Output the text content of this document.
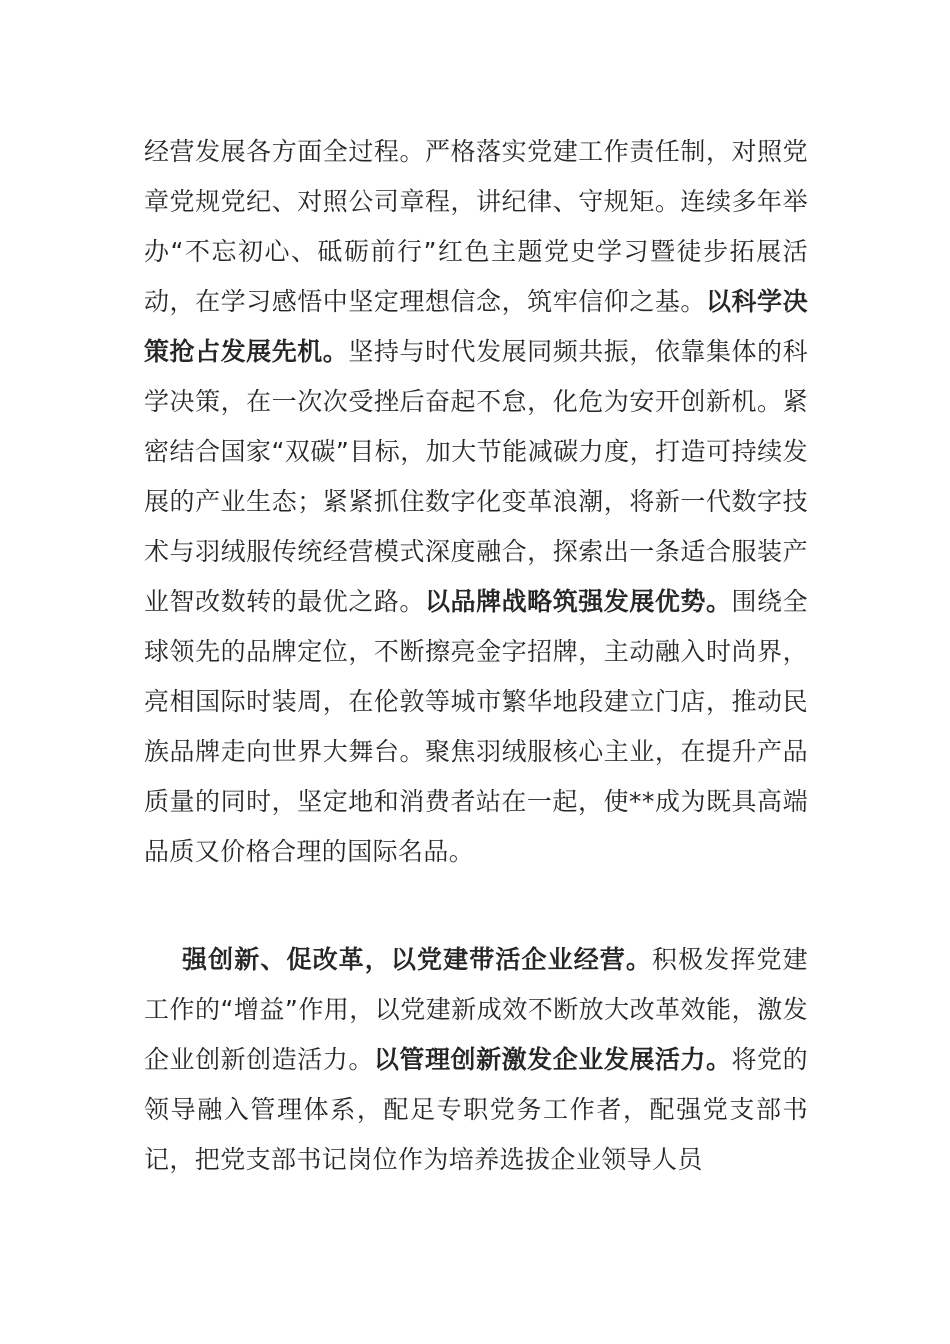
经营发展各方面全过程。严格落实党建工作责任制，对照党章党规党纪、对照公司章程，讲纪律、守规矩。连续多年举办“不忘初心、砥砺前行”红色主题党史学习暨徒步拓展活动，在学习感悟中坚定理想信念，筑牢信仰之基。以科学决策抢占发展先机。坚持与时代发展同频共振，依靠集体的科学决策，在一次次受挫后奋起不怠，化危为安开创新机。紧密结合国家“双碳”目标，加大节能减碳力度，打造可持续发展的产业生态；紧紧抓住数字化变革浪潮，将新一代数字技术与羽绒服传统经营模式深度融合，探索出一条适合服装产业智改数转的最优之路。以品牌战略筑强发展优势。围绕全球领先的品牌定位，不断擦亮金字招牌，主动融入时尚界，亮相国际时装周，在伦敦等城市繁华地段建立门店，推动民族品牌走向世界大舞台。聚焦羽绒服核心主业，在提升产品质量的同时，坚定地和消费者站在一起，使**成为既具高端品质又价格合理的国际名品。
强创新、促改革，以党建带活企业经营。积极发挥党建工作的“增益”作用，以党建新成效不断放大改革效能，激发企业创新创造活力。以管理创新激发企业发展活力。将党的领导融入管理体系，配足专职党务工作者，配强党支部书记，把党支部书记岗位作为培养选拔企业领导人员
